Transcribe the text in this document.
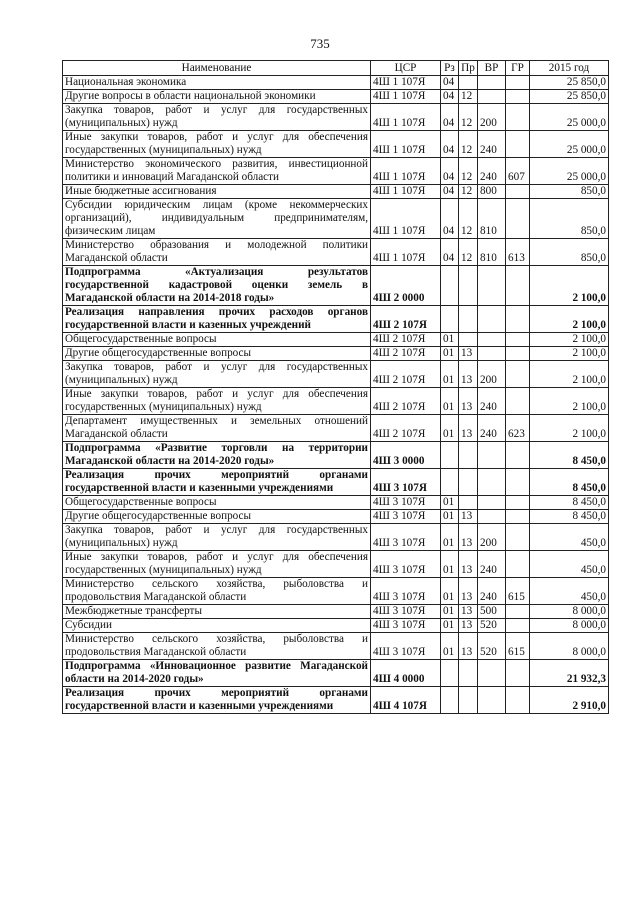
735
Наименование	ЦСР	Рз	Пр	ВР	ГР	2015 год
Национальная экономика	4Ш 1 107Я	04				25 850,0
Другие вопросы в области национальной экономики	4Ш 1 107Я	04	12			25 850,0
Закупка товаров, работ и услуг для государственных (муниципальных) нужд	4Ш 1 107Я	04	12	200		25 000,0
Иные закупки товаров, работ и услуг для обеспечения государственных (муниципальных) нужд	4Ш 1 107Я	04	12	240		25 000,0
Министерство экономического развития, инвестиционной политики и инноваций Магаданской области	4Ш 1 107Я	04	12	240	607	25 000,0
Иные бюджетные ассигнования	4Ш 1 107Я	04	12	800		850,0
Субсидии юридическим лицам (кроме некоммерческих организаций), индивидуальным предпринимателям, физическим лицам	4Ш 1 107Я	04	12	810		850,0
Министерство образования и молодежной политики Магаданской области	4Ш 1 107Я	04	12	810	613	850,0
Подпрограмма «Актуализация результатов государственной кадастровой оценки земель в Магаданской области на 2014-2018 годы»	4Ш 2 0000					2 100,0
Реализация направления прочих расходов органов государственной власти и казенных учреждений	4Ш 2 107Я					2 100,0
Общегосударственные вопросы	4Ш 2 107Я	01				2 100,0
Другие общегосударственные вопросы	4Ш 2 107Я	01	13			2 100,0
Закупка товаров, работ и услуг для государственных (муниципальных) нужд	4Ш 2 107Я	01	13	200		2 100,0
Иные закупки товаров, работ и услуг для обеспечения государственных (муниципальных) нужд	4Ш 2 107Я	01	13	240		2 100,0
Департамент имущественных и земельных отношений Магаданской области	4Ш 2 107Я	01	13	240	623	2 100,0
Подпрограмма «Развитие торговли на территории Магаданской области на 2014-2020 годы»	4Ш 3 0000					8 450,0
Реализация прочих мероприятий органами государственной власти и казенными учреждениями	4Ш 3 107Я					8 450,0
Общегосударственные вопросы	4Ш 3 107Я	01				8 450,0
Другие общегосударственные вопросы	4Ш 3 107Я	01	13			8 450,0
Закупка товаров, работ и услуг для государственных (муниципальных) нужд	4Ш 3 107Я	01	13	200		450,0
Иные закупки товаров, работ и услуг для обеспечения государственных (муниципальных) нужд	4Ш 3 107Я	01	13	240		450,0
Министерство сельского хозяйства, рыболовства и продовольствия Магаданской области	4Ш 3 107Я	01	13	240	615	450,0
Межбюджетные трансферты	4Ш 3 107Я	01	13	500		8 000,0
Субсидии	4Ш 3 107Я	01	13	520		8 000,0
Министерство сельского хозяйства, рыболовства и продовольствия Магаданской области	4Ш 3 107Я	01	13	520	615	8 000,0
Подпрограмма «Инновационное развитие Магаданской области на 2014-2020 годы»	4Ш 4 0000					21 932,3
Реализация прочих мероприятий органами государственной власти и казенными учреждениями	4Ш 4 107Я					2 910,0
